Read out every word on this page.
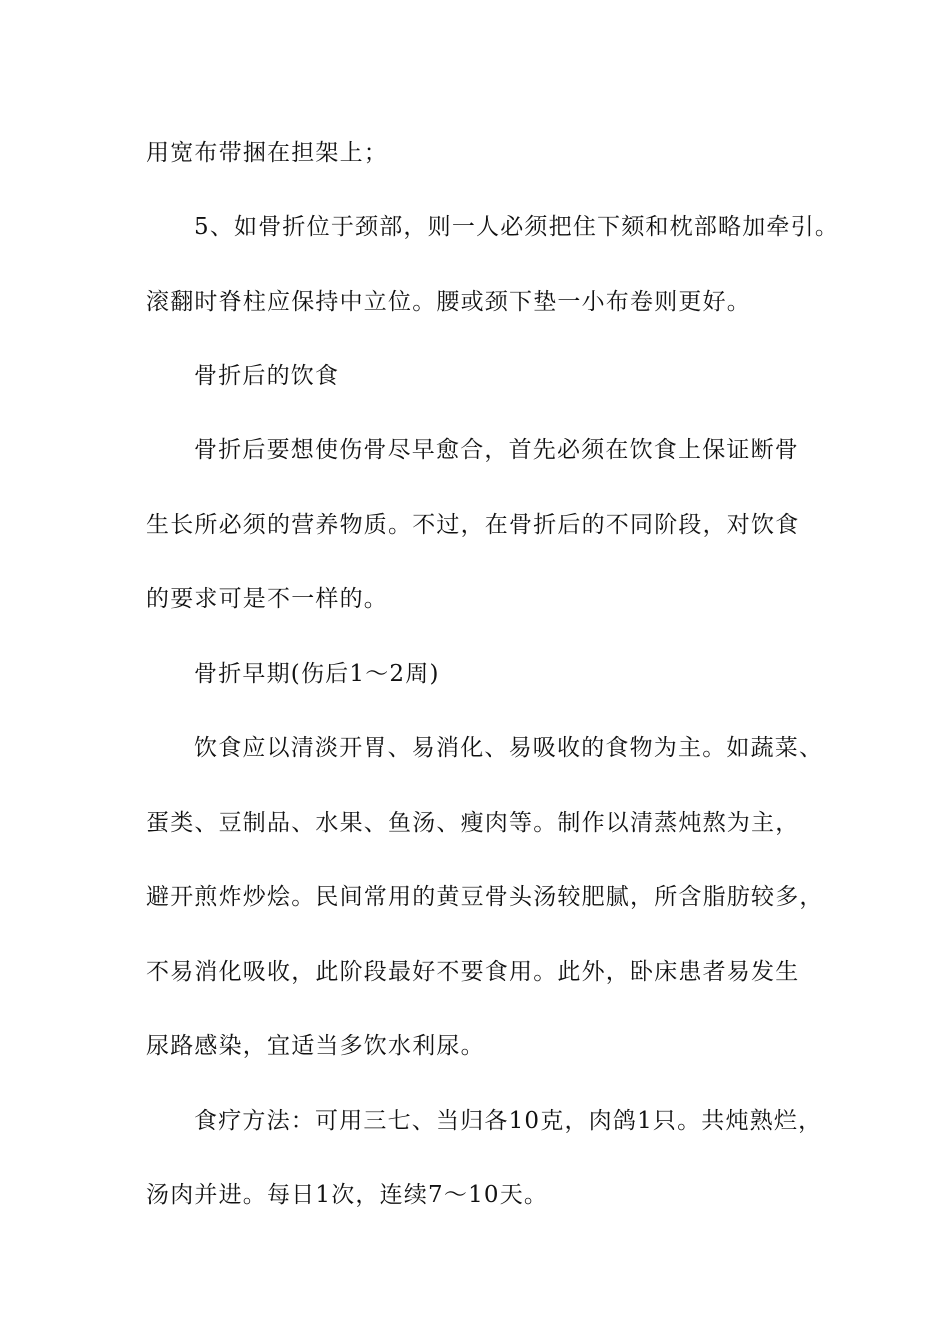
用宽布带捆在担架上；
5、如骨折位于颈部，则一人必须把住下颏和枕部略加牵引。
滚翻时脊柱应保持中立位。腰或颈下垫一小布卷则更好。
骨折后的饮食
骨折后要想使伤骨尽早愈合，首先必须在饮食上保证断骨
生长所必须的营养物质。不过，在骨折后的不同阶段，对饮食
的要求可是不一样的。
骨折早期(伤后1～2周)
饮食应以清淡开胃、易消化、易吸收的食物为主。如蔬菜、
蛋类、豆制品、水果、鱼汤、瘦肉等。制作以清蒸炖熬为主，
避开煎炸炒烩。民间常用的黄豆骨头汤较肥腻，所含脂肪较多，
不易消化吸收，此阶段最好不要食用。此外，卧床患者易发生
尿路感染，宜适当多饮水利尿。
食疗方法：可用三七、当归各10克，肉鸽1只。共炖熟烂，
汤肉并进。每日1次，连续7～10天。
